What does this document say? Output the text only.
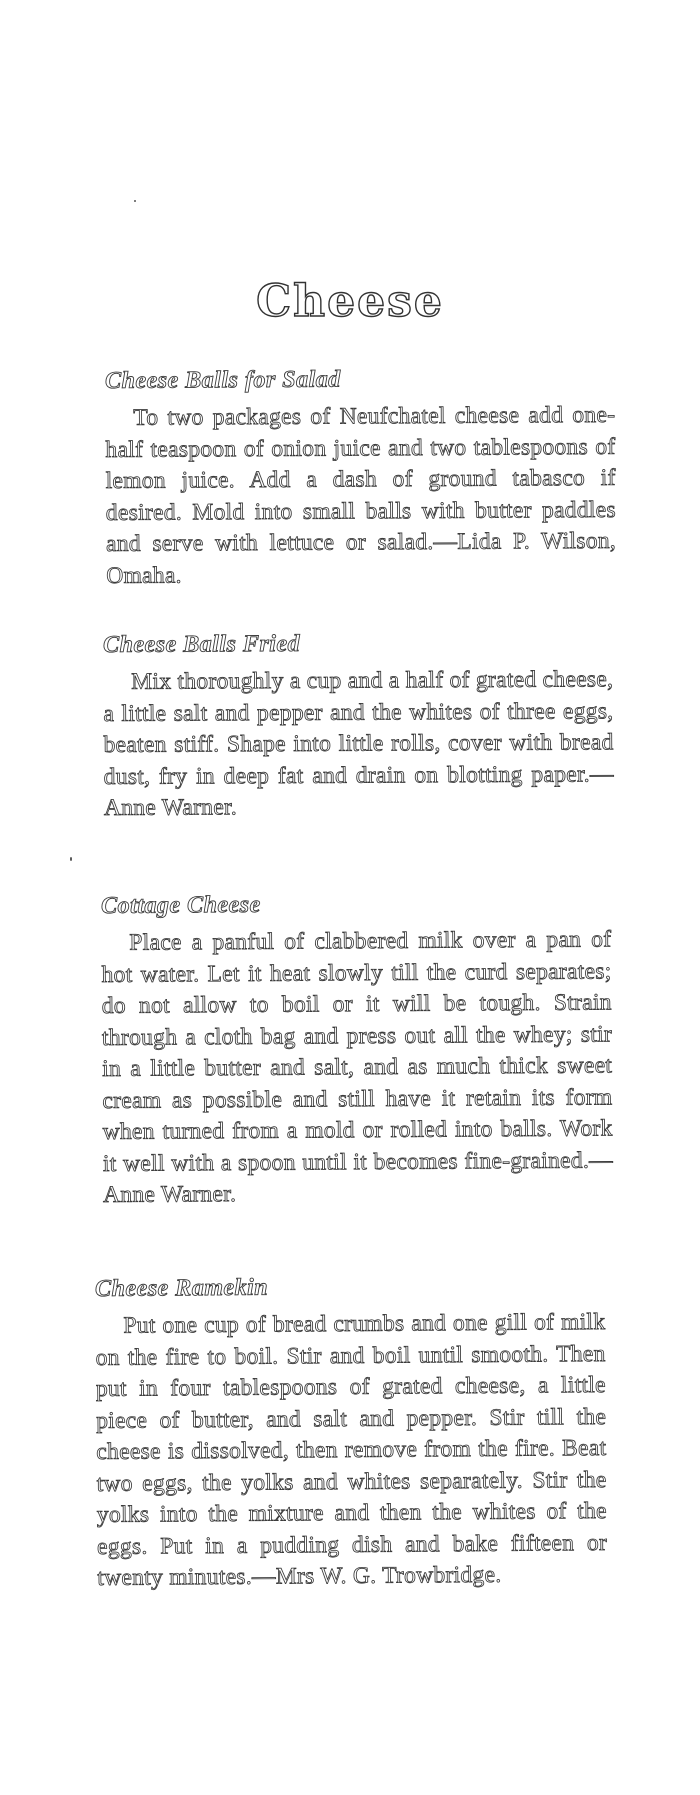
Cheese
Cheese Balls for Salad

To two packages of Neufchatel cheese add one-half teaspoon of onion juice and two tablespoons of lemon juice. Add a dash of ground tabasco if desired. Mold into small balls with butter paddles and serve with lettuce or salad.—Lida P. Wilson, Omaha.

Cheese Balls Fried

Mix thoroughly a cup and a half of grated cheese, a little salt and pepper and the whites of three eggs, beaten stiff. Shape into little rolls, cover with bread dust, fry in deep fat and drain on blotting paper.—Anne Warner.

Cottage Cheese

Place a panful of clabbered milk over a pan of hot water. Let it heat slowly till the curd separates; do not allow to boil or it will be tough. Strain through a cloth bag and press out all the whey; stir in a little butter and salt, and as much thick sweet cream as possible and still have it retain its form when turned from a mold or rolled into balls. Work it well with a spoon until it becomes fine-grained.—Anne Warner.

Cheese Ramekin

Put one cup of bread crumbs and one gill of milk on the fire to boil. Stir and boil until smooth. Then put in four tablespoons of grated cheese, a little piece of butter, and salt and pepper. Stir till the cheese is dissolved, then remove from the fire. Beat two eggs, the yolks and whites separately. Stir the yolks into the mixture and then the whites of the eggs. Put in a pudding dish and bake fifteen or twenty minutes.—Mrs W. G. Trowbridge.
